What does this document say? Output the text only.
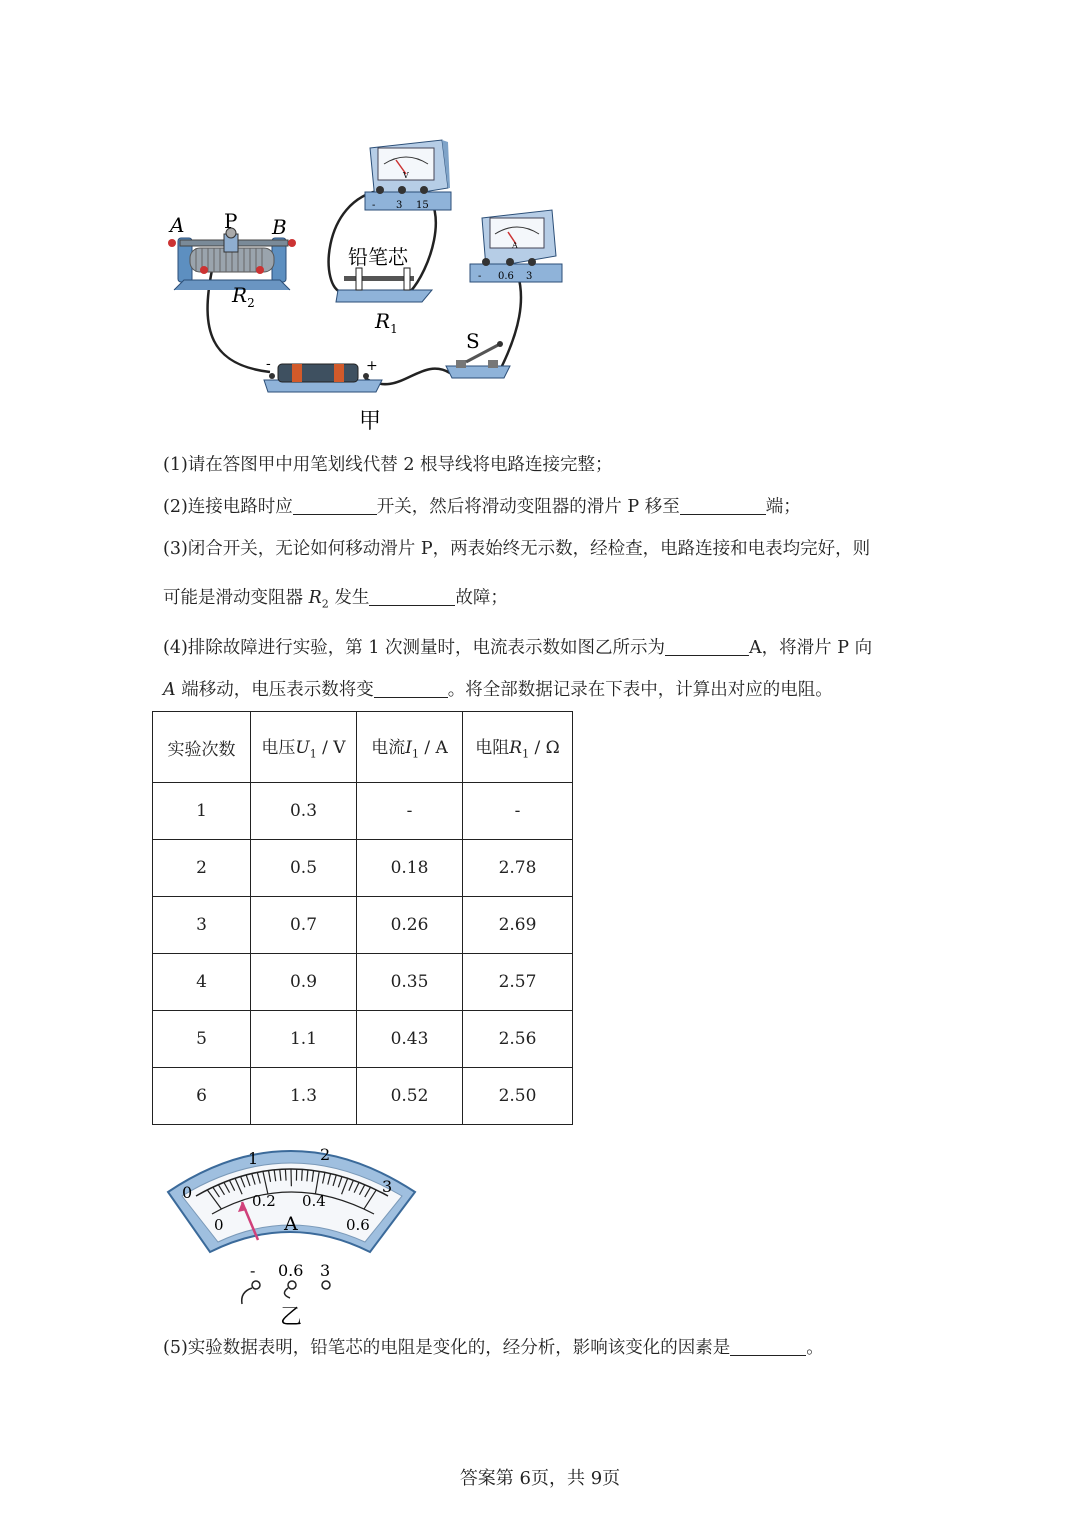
A P B
$R_2$
V
- 3 15
铅笔芯
$R_1$
A
- 0.6 3
S
-	+
甲
(1)请在答图甲中用笔划线代替 2 根导线将电路连接完整；
(2)连接电路时应	开关，然后将滑动变阻器的滑片 P 移至	端；
(3)闭合开关，无论如何移动滑片 P，两表始终无示数，经检查，电路连接和电表均完好，则
可能是滑动变阻器 $R_2$ 发生	故障；
(4)排除故障进行实验，第 1 次测量时，电流表示数如图乙所示为	A，将滑片 P 向
A 端移动，电压表示数将变	。将全部数据记录在下表中，计算出对应的电阻。
实验次数	电压$U_1$ / V	电流$I_1$ / A	电阻$R_1$ / Ω
1	0.3	-	-
2	0.5	0.18	2.78
3	0.7	0.26	2.69
4	0.9	0.35	2.57
5	1.1	0.43	2.56
6	1.3	0.52	2.50
0
1	2
3
0
0.2 0.4
0.6
A
- 0.6 3
乙
(5)实验数据表明，铅笔芯的电阻是变化的，经分析，影响该变化的因素是	。
答案第 6页，共 9页
